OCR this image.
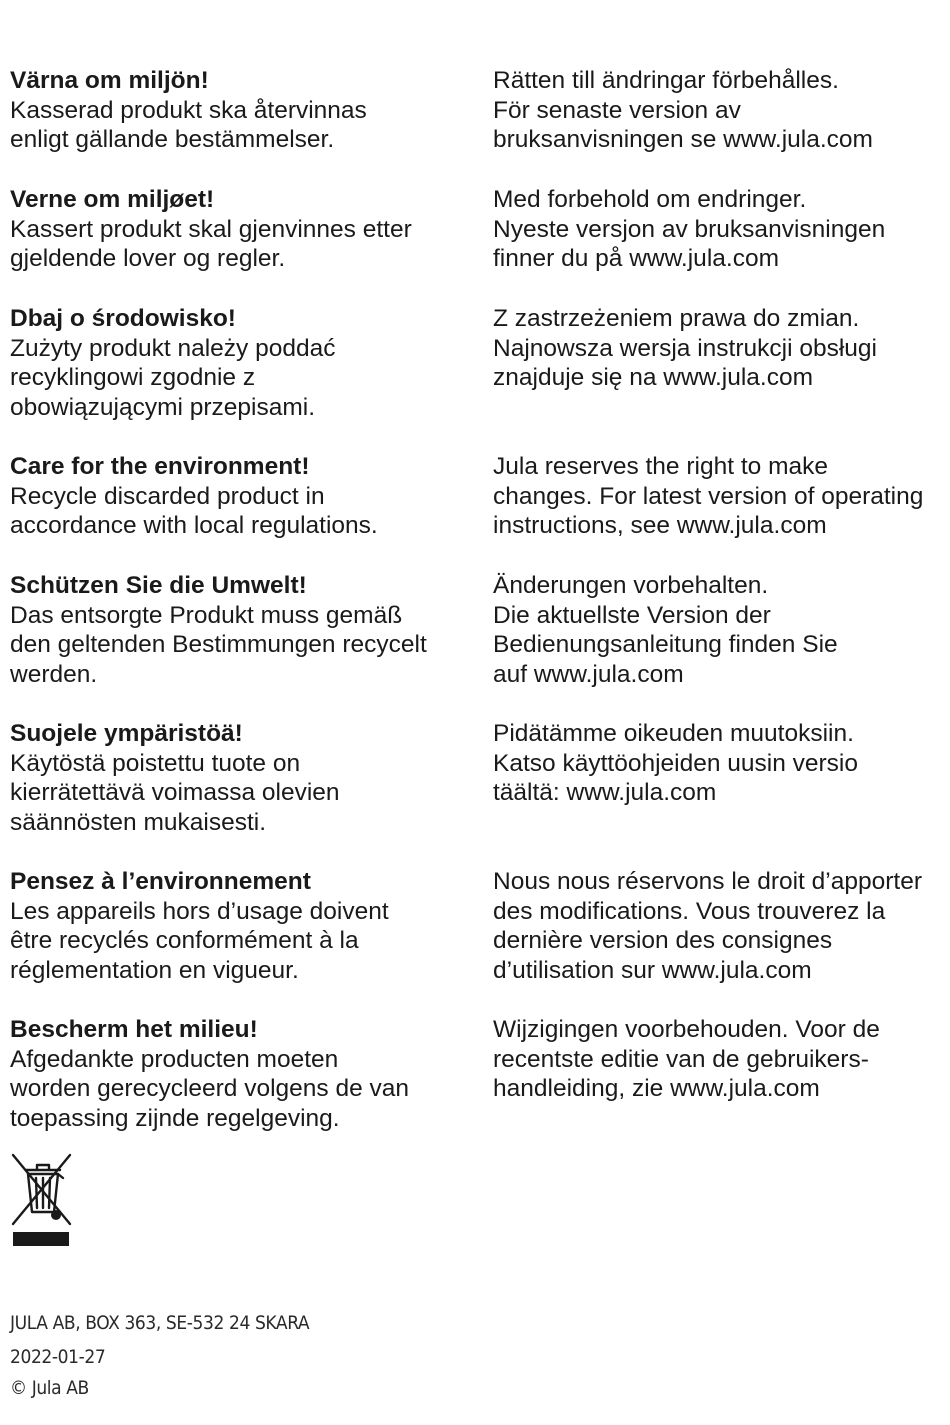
Värna om miljön!
Kasserad produkt ska återvinnas
enligt gällande bestämmelser.
Rätten till ändringar förbehålles.
För senaste version av
bruksanvisningen se www.jula.com
Verne om miljøet!
Kassert produkt skal gjenvinnes etter
gjeldende lover og regler.
Med forbehold om endringer.
Nyeste versjon av bruksanvisningen
finner du på www.jula.com
Dbaj o środowisko!
Zużyty produkt należy poddać
recyklingowi zgodnie z
obowiązującymi przepisami.
Z zastrzeżeniem prawa do zmian.
Najnowsza wersja instrukcji obsługi
znajduje się na www.jula.com
Care for the environment!
Recycle discarded product in
accordance with local regulations.
Jula reserves the right to make
changes. For latest version of operating
instructions, see www.jula.com
Schützen Sie die Umwelt!
Das entsorgte Produkt muss gemäß
den geltenden Bestimmungen recycelt
werden.
Änderungen vorbehalten.
Die aktuellste Version der
Bedienungsanleitung finden Sie
auf www.jula.com
Suojele ympäristöä!
Käytöstä poistettu tuote on
kierrätettävä voimassa olevien
säännösten mukaisesti.
Pidätämme oikeuden muutoksiin.
Katso käyttöohjeiden uusin versio
täältä: www.jula.com
Pensez à l’environnement
Les appareils hors d’usage doivent
être recyclés conformément à la
réglementation en vigueur.
Nous nous réservons le droit d’apporter
des modifications. Vous trouverez la
dernière version des consignes
d’utilisation sur www.jula.com
Bescherm het milieu!
Afgedankte producten moeten
worden gerecycleerd volgens de van
toepassing zijnde regelgeving.
Wijzigingen voorbehouden. Voor de
recentste editie van de gebruikers-
handleiding, zie www.jula.com
JULA AB, BOX 363, SE-532 24 SKARA
2022-01-27
© Jula AB
